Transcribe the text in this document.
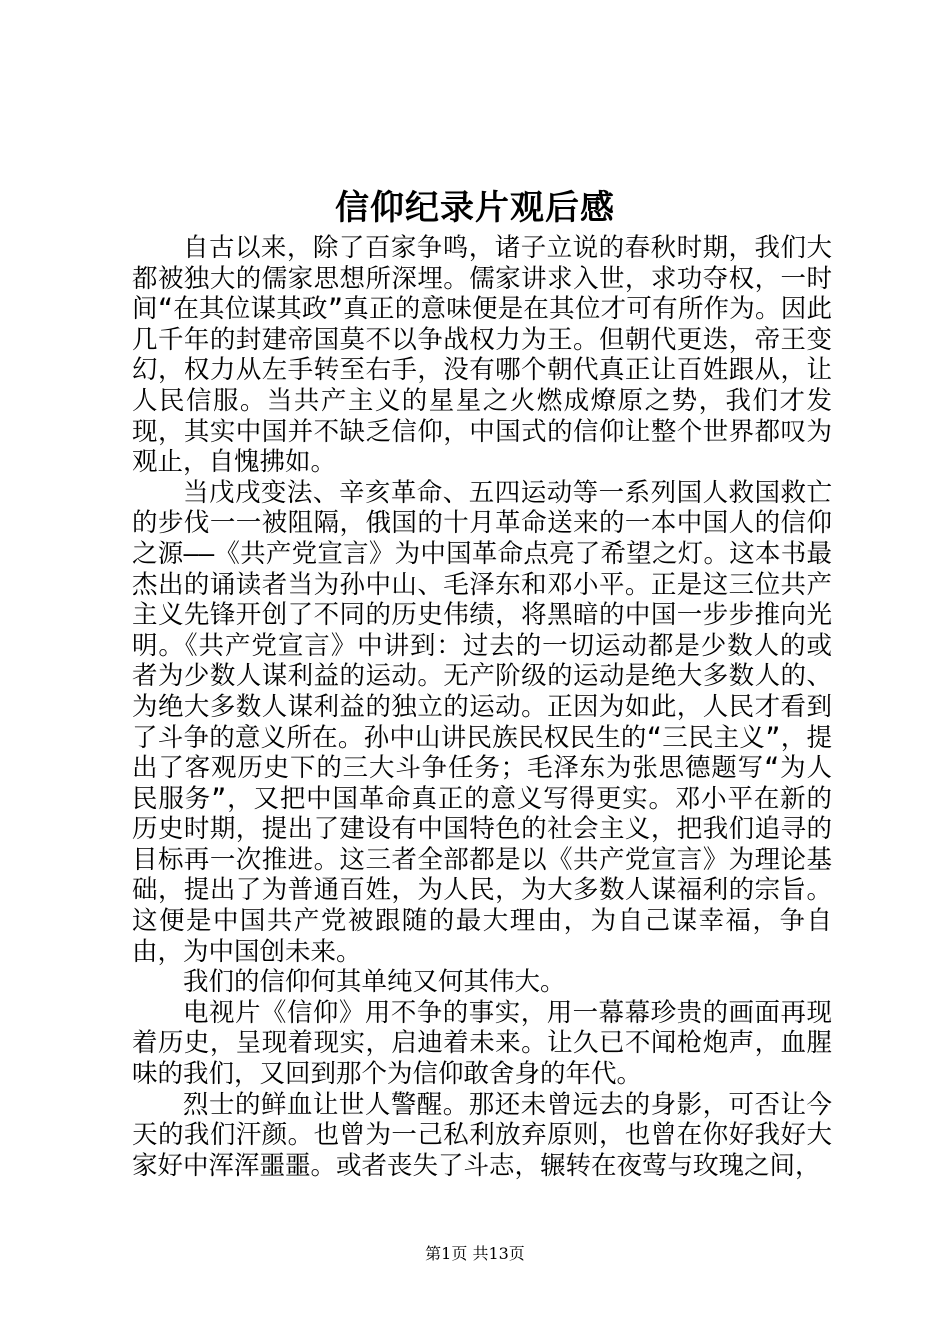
信仰纪录片观后感

自古以来，除了百家争鸣，诸子立说的春秋时期，我们大都被独大的儒家思想所深埋。儒家讲求入世，求功夺权，一时间“在其位谋其政”真正的意味便是在其位才可有所作为。因此几千年的封建帝国莫不以争战权力为王。但朝代更迭，帝王变幻，权力从左手转至右手，没有哪个朝代真正让百姓跟从，让人民信服。当共产主义的星星之火燃成燎原之势，我们才发现，其实中国并不缺乏信仰，中国式的信仰让整个世界都叹为观止，自愧拂如。

当戊戌变法、辛亥革命、五四运动等一系列国人救国救亡的步伐一一被阻隔，俄国的十月革命送来的一本中国人的信仰之源——《共产党宣言》为中国革命点亮了希望之灯。这本书最杰出的诵读者当为孙中山、毛泽东和邓小平。正是这三位共产主义先锋开创了不同的历史伟绩，将黑暗的中国一步步推向光明。《共产党宣言》中讲到：过去的一切运动都是少数人的或者为少数人谋利益的运动。无产阶级的运动是绝大多数人的、为绝大多数人谋利益的独立的运动。正因为如此，人民才看到了斗争的意义所在。孙中山讲民族民权民生的“三民主义”，提出了客观历史下的三大斗争任务；毛泽东为张思德题写“为人民服务”，又把中国革命真正的意义写得更实。邓小平在新的历史时期，提出了建设有中国特色的社会主义，把我们追寻的目标再一次推进。这三者全部都是以《共产党宣言》为理论基础，提出了为普通百姓，为人民，为大多数人谋福利的宗旨。这便是中国共产党被跟随的最大理由，为自己谋幸福，争自由，为中国创未来。

我们的信仰何其单纯又何其伟大。

电视片《信仰》用不争的事实，用一幕幕珍贵的画面再现着历史，呈现着现实，启迪着未来。让久已不闻枪炮声，血腥味的我们，又回到那个为信仰敢舍身的年代。

烈士的鲜血让世人警醒。那还未曾远去的身影，可否让今天的我们汗颜。也曾为一己私利放弃原则，也曾在你好我好大家好中浑浑噩噩。或者丧失了斗志，辗转在夜莺与玫瑰之间，

第1页 共13页
